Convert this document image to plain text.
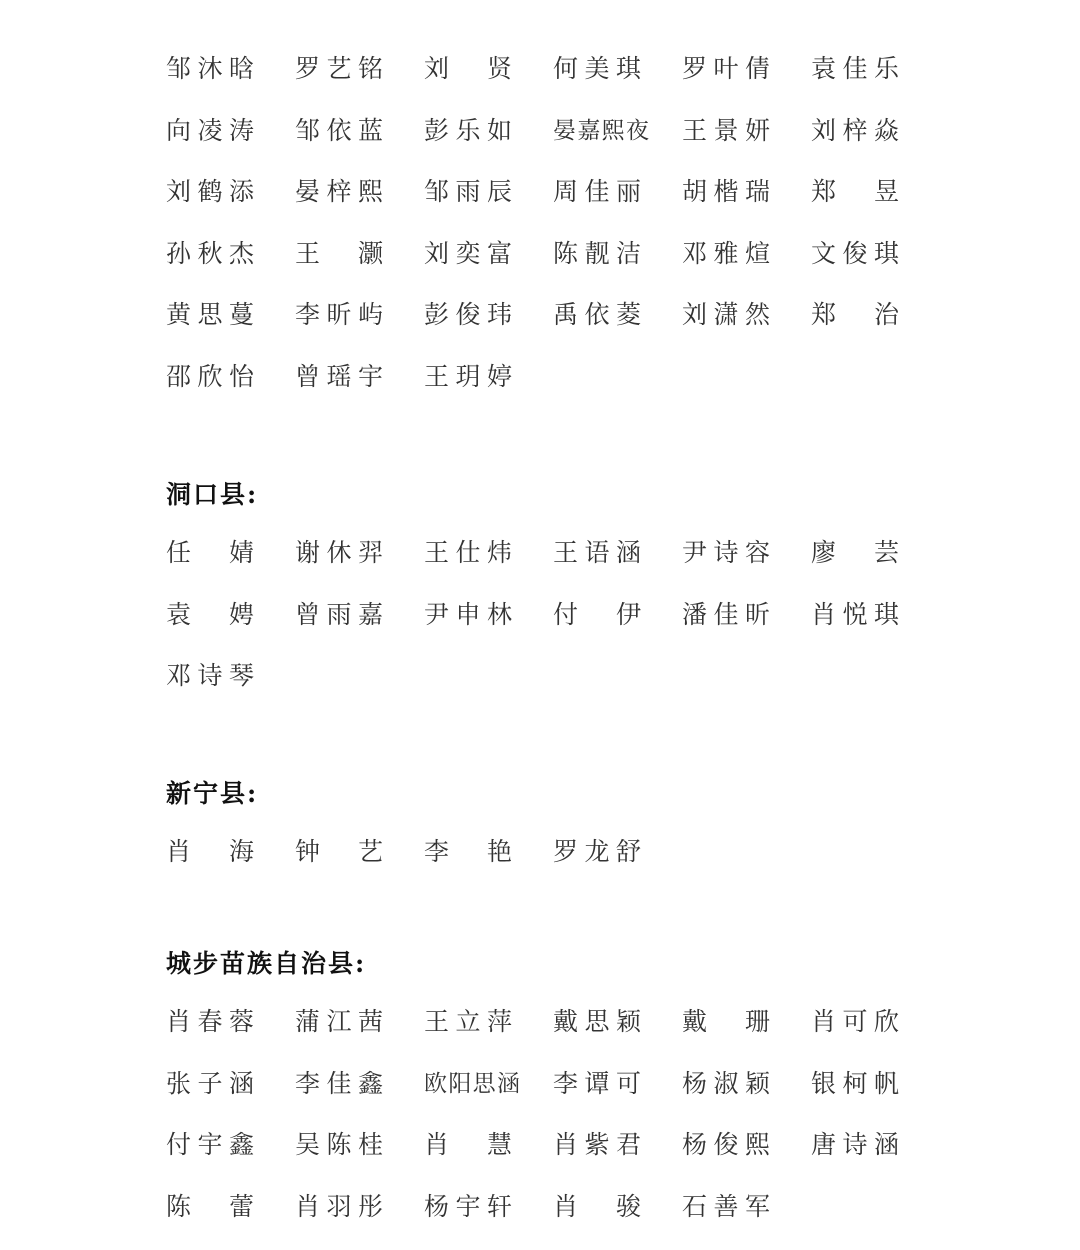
邹 沐 晗 罗 艺 铭 刘 贤 何 美 琪 罗 叶 倩 袁 佳 乐
向 凌 涛 邹 依 蓝 彭 乐 如 晏 嘉 熙 夜 王 景 妍 刘 梓 焱
刘 鹤 添 晏 梓 熙 邹 雨 辰 周 佳 丽 胡 楷 瑞 郑 昱
孙 秋 杰 王 灏 刘 奕 富 陈 靓 洁 邓 雅 煊 文 俊 琪
黄 思 蔓 李 昕 屿 彭 俊 玮 禹 依 菱 刘 潇 然 郑 治
邵 欣 怡 曾 瑶 宇 王 玥 婷
洞口县:
任 婧 谢 休 羿 王 仕 炜 王 语 涵 尹 诗 容 廖 芸
袁 娉 曾 雨 嘉 尹 申 林 付 伊 潘 佳 昕 肖 悦 琪
邓 诗 琴
新宁县:
肖 海 钟 艺 李 艳 罗 龙 舒
城步苗族自治县:
肖 春 蓉 蒲 江 茜 王 立 萍 戴 思 颖 戴 珊 肖 可 欣
张 子 涵 李 佳 鑫 欧 阳 思 涵 李 谭 可 杨 淑 颖 银 柯 帆
付 宇 鑫 吴 陈 桂 肖 慧 肖 紫 君 杨 俊 熙 唐 诗 涵
陈 蕾 肖 羽 彤 杨 宇 轩 肖 骏 石 善 军
